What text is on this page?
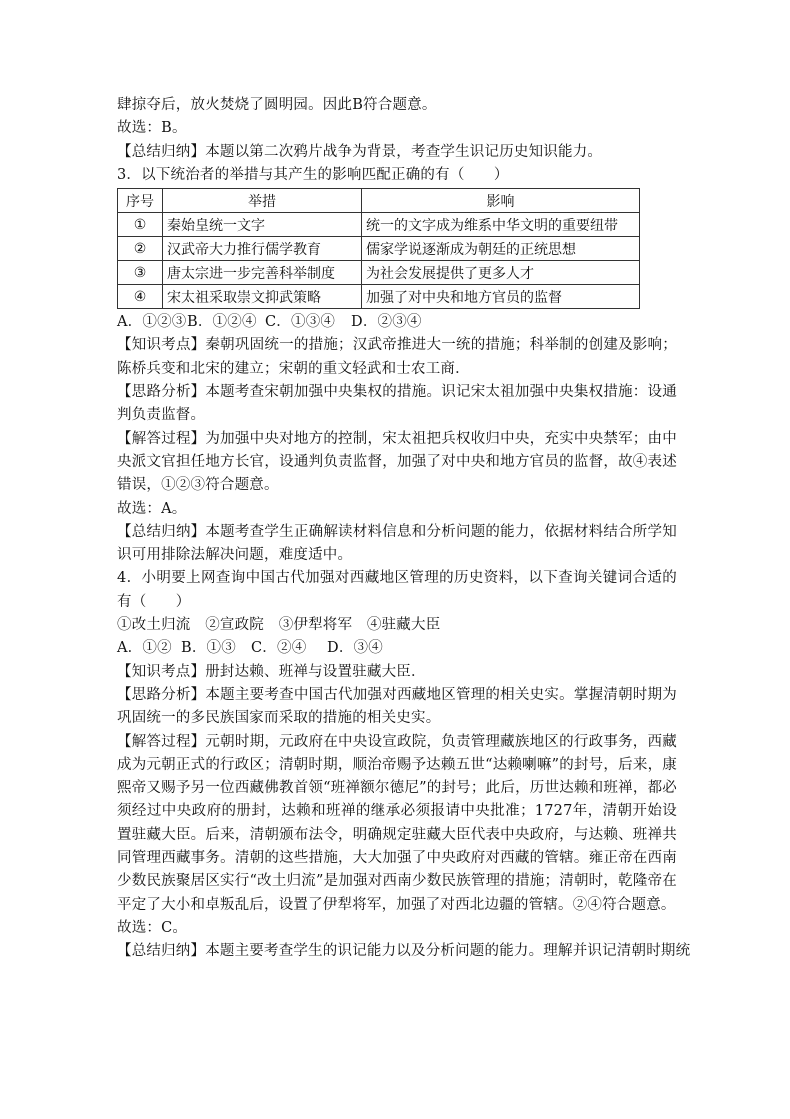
肆掠夺后，放火焚烧了圆明园。因此B符合题意。
故选：B。
【总结归纳】本题以第二次鸦片战争为背景，考查学生识记历史知识能力。
3．以下统治者的举措与其产生的影响匹配正确的有（　　）
序号	举措	影响
①	秦始皇统一文字	统一的文字成为维系中华文明的重要纽带
②	汉武帝大力推行儒学教育	儒家学说逐渐成为朝廷的正统思想
③	唐太宗进一步完善科举制度	为社会发展提供了更多人才
④	宋太祖采取崇文抑武策略	加强了对中央和地方官员的监督
A．①②③B．①②④ C．①③④ D．②③④
【知识考点】秦朝巩固统一的措施；汉武帝推进大一统的措施；科举制的创建及影响；陈桥兵变和北宋的建立；宋朝的重文轻武和士农工商．
【思路分析】本题考查宋朝加强中央集权的措施。识记宋太祖加强中央集权措施：设通判负责监督。
【解答过程】为加强中央对地方的控制，宋太祖把兵权收归中央，充实中央禁军；由中央派文官担任地方长官，设通判负责监督，加强了对中央和地方官员的监督，故④表述错误，①②③符合题意。
故选：A。
【总结归纳】本题考查学生正确解读材料信息和分析问题的能力，依据材料结合所学知识可用排除法解决问题，难度适中。
4．小明要上网查询中国古代加强对西藏地区管理的历史资料，以下查询关键词合适的有（　　）
①改土归流　②宣政院　③伊犁将军　④驻藏大臣
A．①② B．①③ C．②④ D．③④
【知识考点】册封达赖、班禅与设置驻藏大臣．
【思路分析】本题主要考查中国古代加强对西藏地区管理的相关史实。掌握清朝时期为巩固统一的多民族国家而采取的措施的相关史实。
【解答过程】元朝时期，元政府在中央设宣政院，负责管理藏族地区的行政事务，西藏成为元朝正式的行政区；清朝时期，顺治帝赐予达赖五世“达赖喇嘛”的封号，后来，康熙帝又赐予另一位西藏佛教首领“班禅额尔德尼”的封号；此后，历世达赖和班禅，都必须经过中央政府的册封，达赖和班禅的继承必须报请中央批准；1727年，清朝开始设置驻藏大臣。后来，清朝颁布法令，明确规定驻藏大臣代表中央政府，与达赖、班禅共同管理西藏事务。清朝的这些措施，大大加强了中央政府对西藏的管辖。雍正帝在西南少数民族聚居区实行“改土归流”是加强对西南少数民族管理的措施；清朝时，乾隆帝在平定了大小和卓叛乱后，设置了伊犁将军，加强了对西北边疆的管辖。②④符合题意。
故选：C。
【总结归纳】本题主要考查学生的识记能力以及分析问题的能力。理解并识记清朝时期统
